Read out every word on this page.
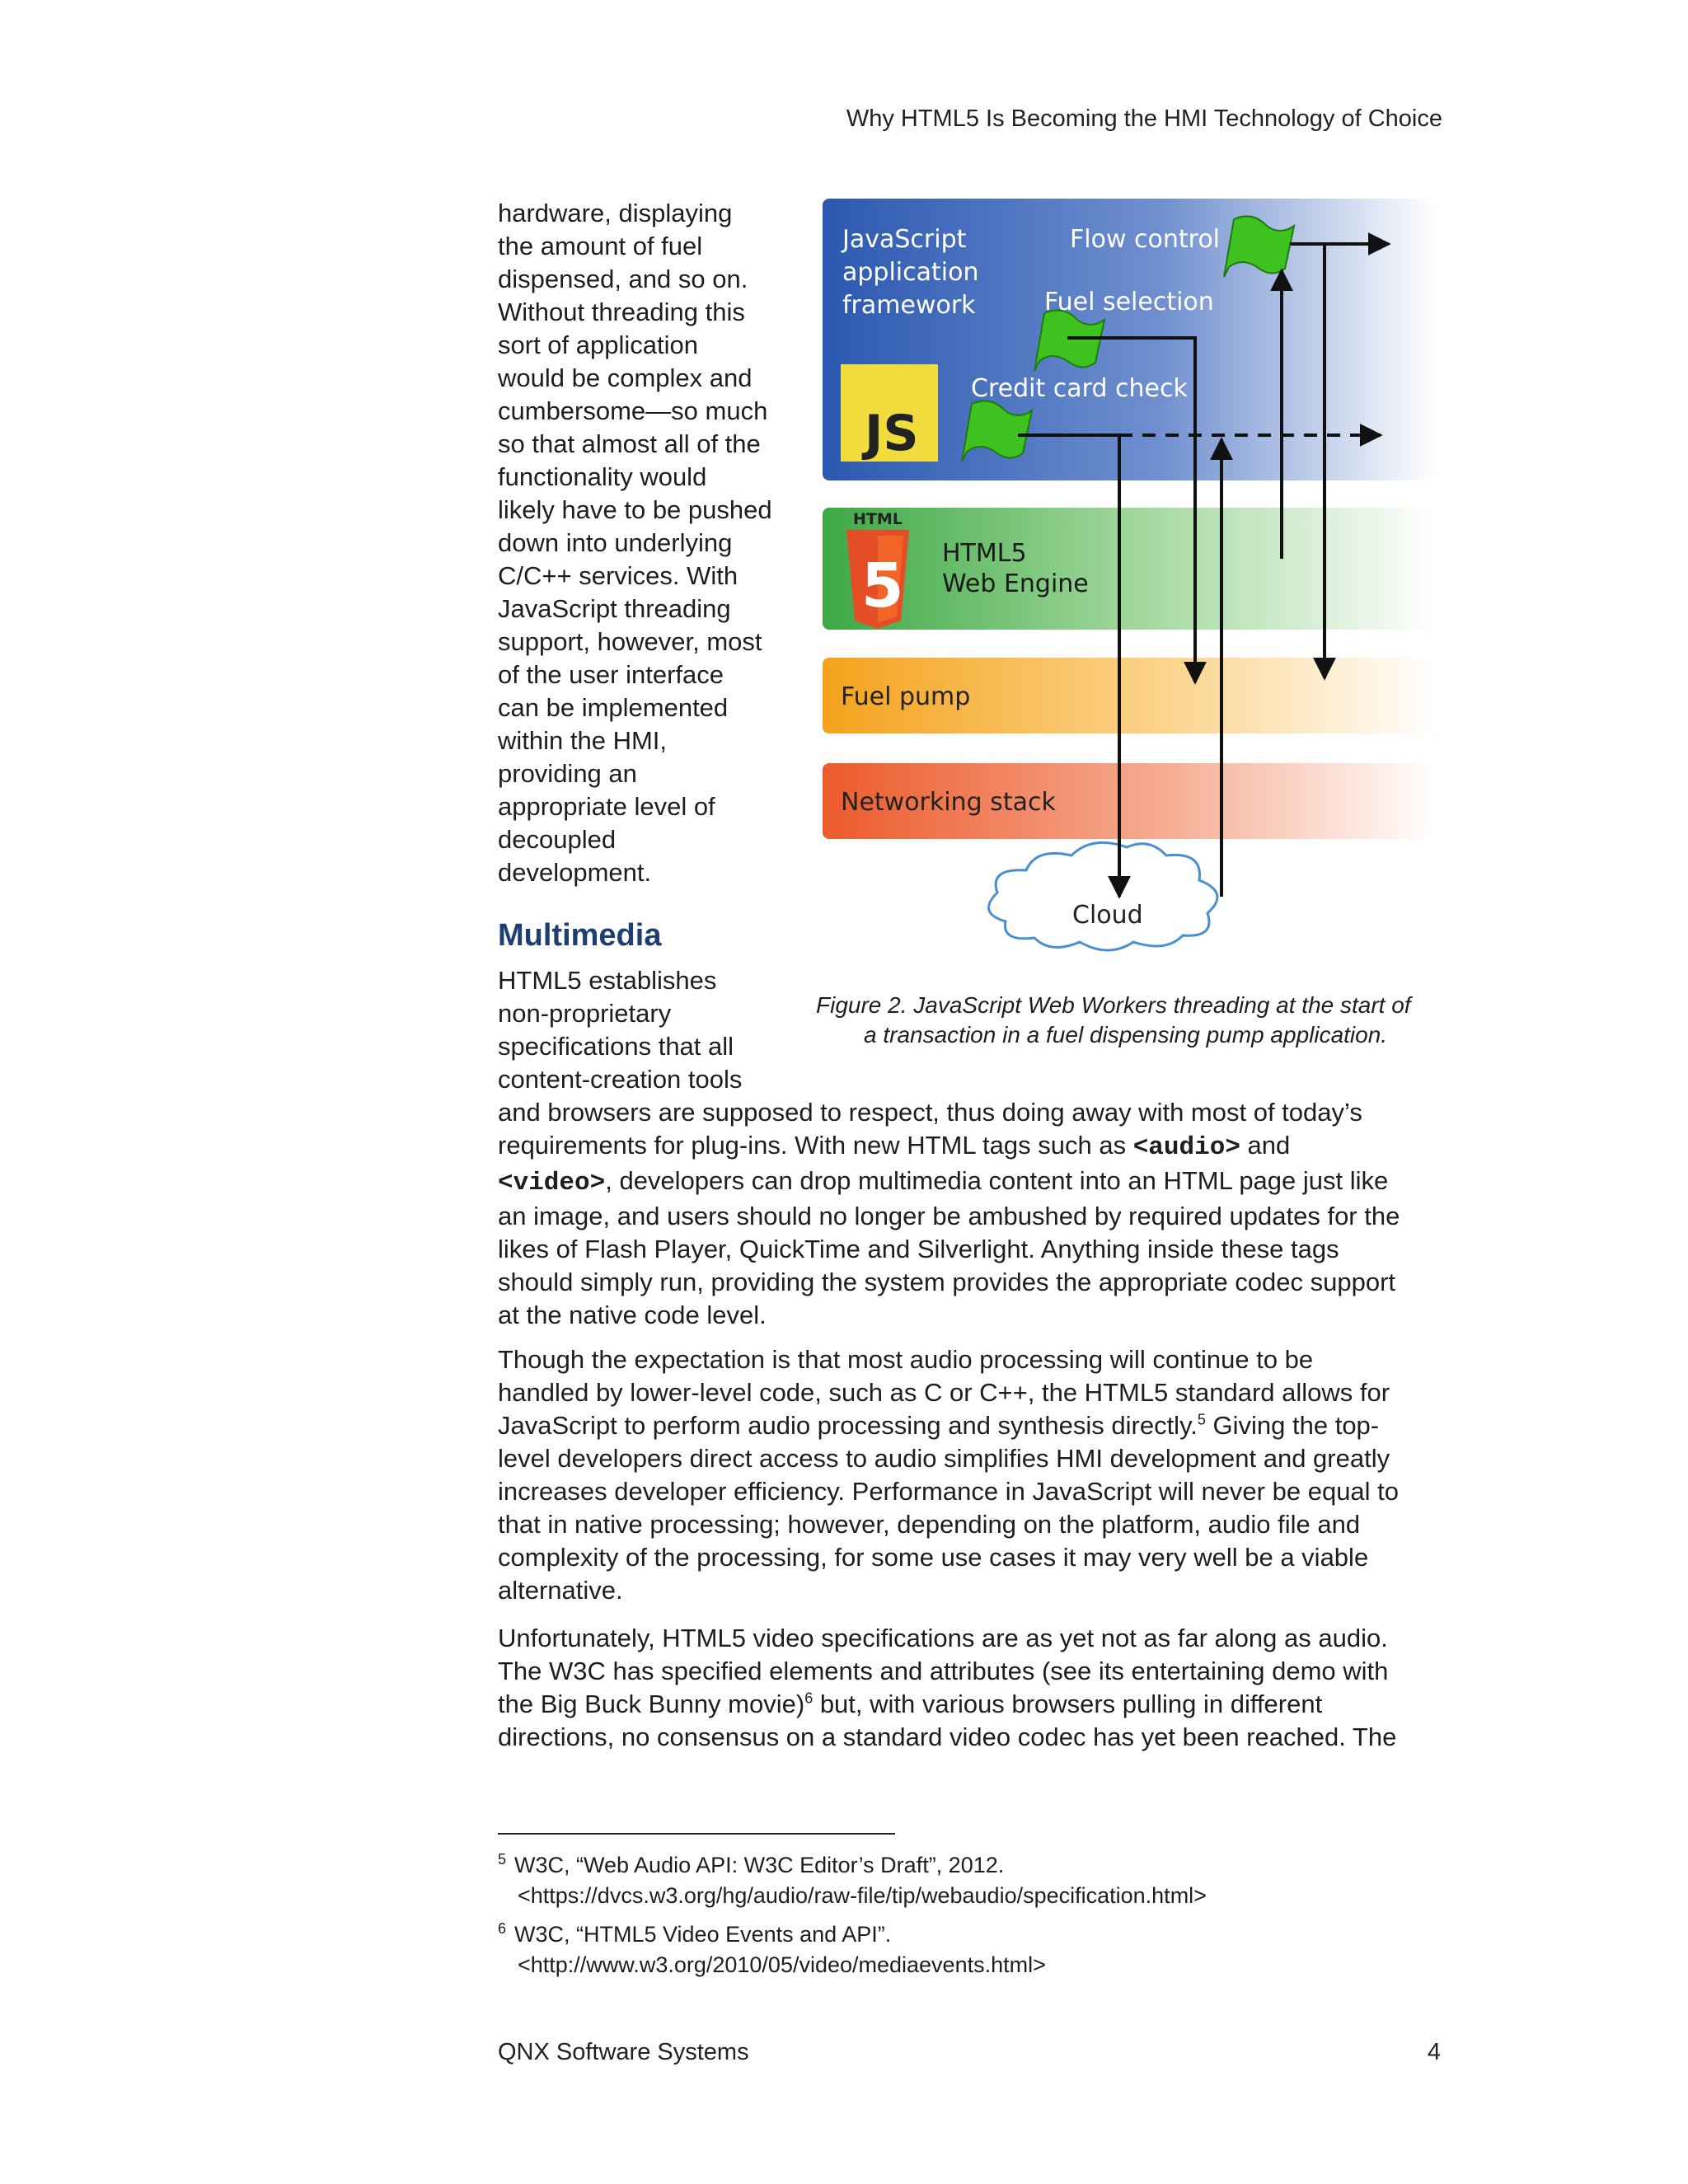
Why HTML5 Is Becoming the HMI Technology of Choice
hardware, displaying
the amount of fuel
dispensed, and so on.
Without threading this
sort of application
would be complex and
cumbersome—so much
so that almost all of the
functionality would
likely have to be pushed
down into underlying
C/C++ services. With
JavaScript threading
support, however, most
of the user interface
can be implemented
within the HMI,
providing an
appropriate level of
decoupled
development.
JavaScript application framework
Flow control
Fuel selection
Credit card check
JS
HTML
5 HTML5 Web Engine
Fuel pump
Networking stack
Cloud
Figure 2. JavaScript Web Workers threading at the start of
a transaction in a fuel dispensing pump application.
Multimedia
HTML5 establishes
non-proprietary
specifications that all
content-creation tools
and browsers are supposed to respect, thus doing away with most of today’s
requirements for plug-ins. With new HTML tags such as <audio> and
<video>, developers can drop multimedia content into an HTML page just like
an image, and users should no longer be ambushed by required updates for the
likes of Flash Player, QuickTime and Silverlight. Anything inside these tags
should simply run, providing the system provides the appropriate codec support
at the native code level.
Though the expectation is that most audio processing will continue to be
handled by lower-level code, such as C or C++, the HTML5 standard allows for
JavaScript to perform audio processing and synthesis directly.$^5$ Giving the top-
level developers direct access to audio simplifies HMI development and greatly
increases developer efficiency. Performance in JavaScript will never be equal to
that in native processing; however, depending on the platform, audio file and
complexity of the processing, for some use cases it may very well be a viable
alternative.
Unfortunately, HTML5 video specifications are as yet not as far along as audio.
The W3C has specified elements and attributes (see its entertaining demo with
the Big Buck Bunny movie)$^6$ but, with various browsers pulling in different
directions, no consensus on a standard video codec has yet been reached. The
$^5$ W3C, “Web Audio API: W3C Editor’s Draft”, 2012.
<https://dvcs.w3.org/hg/audio/raw-file/tip/webaudio/specification.html>
$^6$ W3C, “HTML5 Video Events and API”.
<http://www.w3.org/2010/05/video/mediaevents.html>
QNX Software Systems	4
